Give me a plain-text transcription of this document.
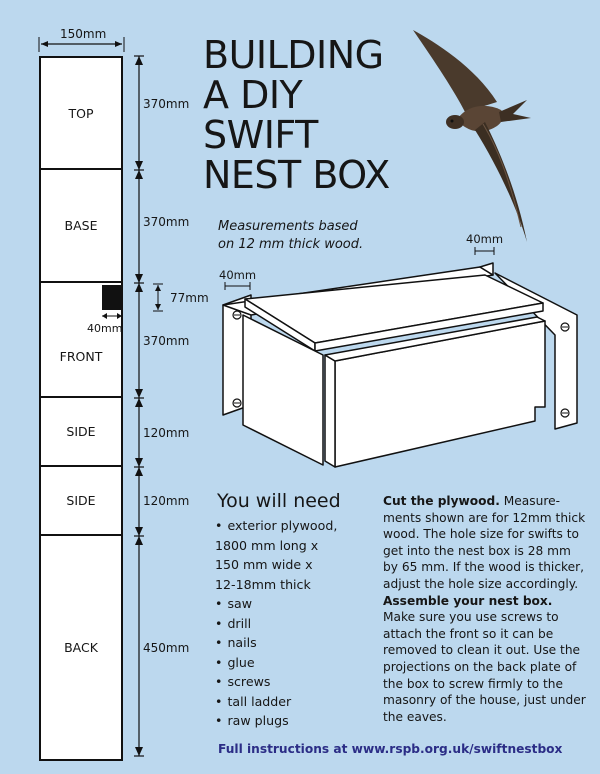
150mm
TOP
BASE
FRONT
SIDE
SIDE
BACK
40mm
370mm
370mm
370mm
120mm
120mm
450mm
77mm
BUILDING
A DIY
SWIFT
NEST BOX
Measurements based
on 12 mm thick wood.	40mm
40mm
You will need
• exterior plywood,
1800 mm long x
150 mm wide x
12-18mm thick
• saw
• drill
• nails
• glue
• screws
• tall ladder
• raw plugs
Cut the plywood. Measure-ments shown are for 12mm thick wood. The hole size for swifts to get into the nest box is 28 mm by 65 mm. If the wood is thicker, adjust the hole size accordingly.
Assemble your nest box.
Make sure you use screws to attach the front so it can be removed to clean it out. Use the projections on the back plate of the box to screw firmly to the masonry of the house, just under the eaves.
Full instructions at www.rspb.org.uk/swiftnestbox
